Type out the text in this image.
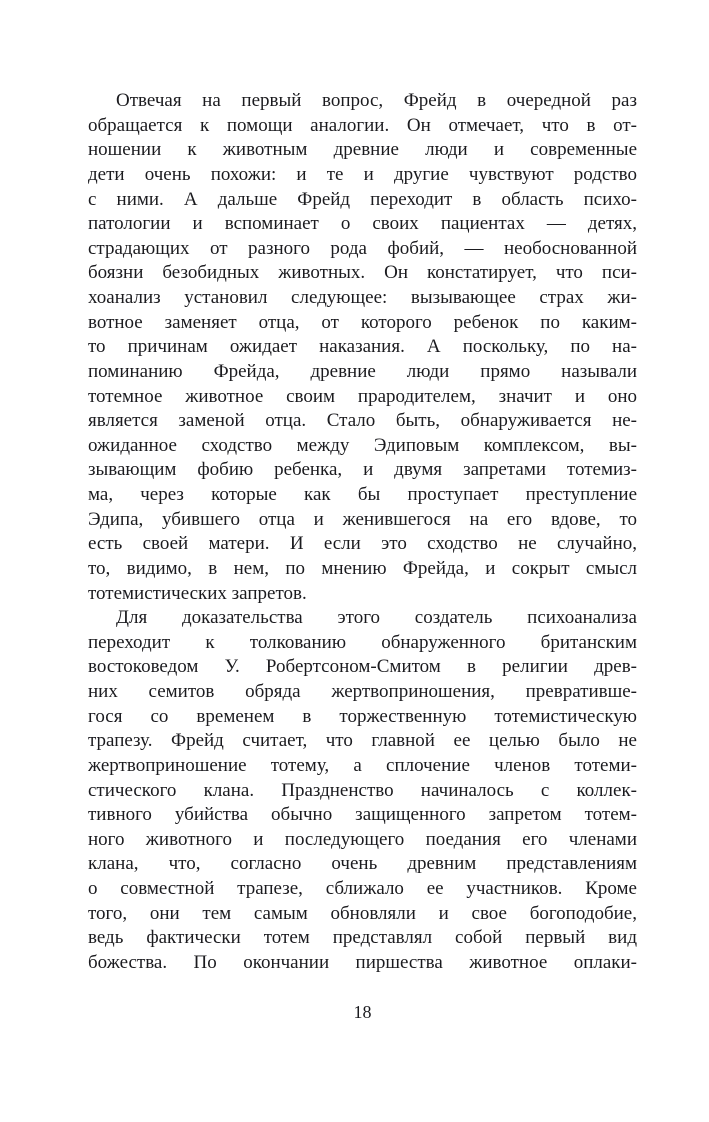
Отвечая на первый вопрос, Фрейд в очередной раз
обращается к помощи аналогии. Он отмечает, что в от-
ношении к животным древние люди и современные
дети очень похожи: и те и другие чувствуют родство
с ними. А дальше Фрейд переходит в область психо-
патологии и вспоминает о своих пациентах — детях,
страдающих от разного рода фобий, — необоснованной
боязни безобидных животных. Он констатирует, что пси-
хоанализ установил следующее: вызывающее страх жи-
вотное заменяет отца, от которого ребенок по каким-
то причинам ожидает наказания. А поскольку, по на-
поминанию Фрейда, древние люди прямо называли
тотемное животное своим прародителем, значит и оно
является заменой отца. Стало быть, обнаруживается не-
ожиданное сходство между Эдиповым комплексом, вы-
зывающим фобию ребенка, и двумя запретами тотемиз-
ма, через которые как бы проступает преступление
Эдипа, убившего отца и женившегося на его вдове, то
есть своей матери. И если это сходство не случайно,
то, видимо, в нем, по мнению Фрейда, и сокрыт смысл
тотемистических запретов.
Для доказательства этого создатель психоанализа
переходит к толкованию обнаруженного британским
востоковедом У. Робертсоном-Смитом в религии древ-
них семитов обряда жертвоприношения, превративше-
гося со временем в торжественную тотемистическую
трапезу. Фрейд считает, что главной ее целью было не
жертвоприношение тотему, а сплочение членов тотеми-
стического клана. Праздненство начиналось с коллек-
тивного убийства обычно защищенного запретом тотем-
ного животного и последующего поедания его членами
клана, что, согласно очень древним представлениям
о совместной трапезе, сближало ее участников. Кроме
того, они тем самым обновляли и свое богоподобие,
ведь фактически тотем представлял собой первый вид
божества. По окончании пиршества животное оплаки-
18
